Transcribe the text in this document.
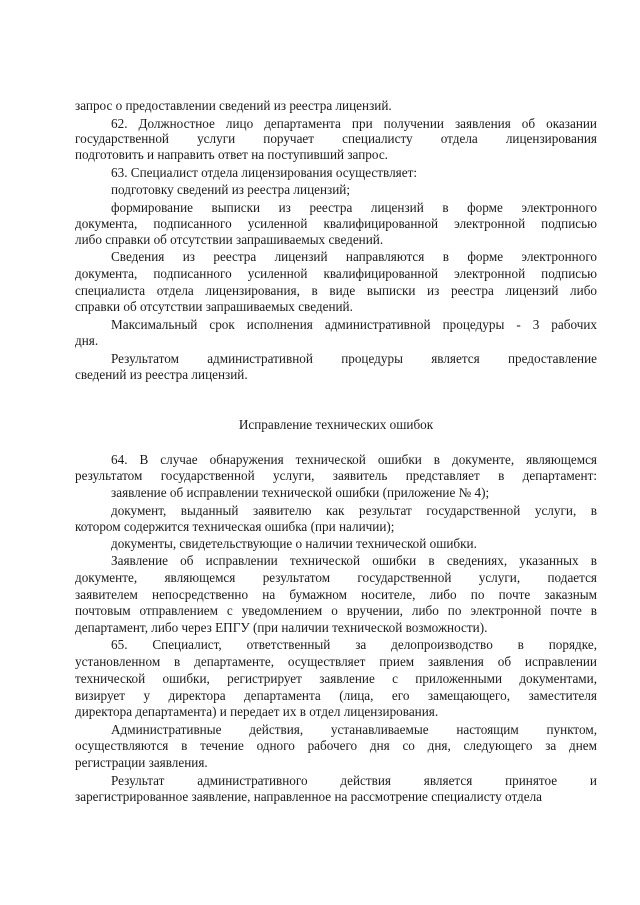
запрос о предоставлении сведений из реестра лицензий.
62. Должностное лицо департамента при получении заявления об оказании
государственной услуги поручает специалисту отдела лицензирования
подготовить и направить ответ на поступивший запрос.
63. Специалист отдела лицензирования осуществляет:
подготовку сведений из реестра лицензий;
формирование выписки из реестра лицензий в форме электронного
документа, подписанного усиленной квалифицированной электронной подписью
либо справки об отсутствии запрашиваемых сведений.
Сведения из реестра лицензий направляются в форме электронного
документа, подписанного усиленной квалифицированной электронной подписью
специалиста отдела лицензирования, в виде выписки из реестра лицензий либо
справки об отсутствии запрашиваемых сведений.
Максимальный срок исполнения административной процедуры - 3 рабочих
дня.
Результатом административной процедуры является предоставление
сведений из реестра лицензий.
Исправление технических ошибок
64. В случае обнаружения технической ошибки в документе, являющемся
результатом государственной услуги, заявитель представляет в департамент:
заявление об исправлении технической ошибки (приложение № 4);
документ, выданный заявителю как результат государственной услуги, в
котором содержится техническая ошибка (при наличии);
документы, свидетельствующие о наличии технической ошибки.
Заявление об исправлении технической ошибки в сведениях, указанных в
документе, являющемся результатом государственной услуги, подается
заявителем непосредственно на бумажном носителе, либо по почте заказным
почтовым отправлением с уведомлением о вручении, либо по электронной почте в
департамент, либо через ЕПГУ (при наличии технической возможности).
65. Специалист, ответственный за делопроизводство в порядке,
установленном в департаменте, осуществляет прием заявления об исправлении
технической ошибки, регистрирует заявление с приложенными документами,
визирует у директора департамента (лица, его замещающего, заместителя
директора департамента) и передает их в отдел лицензирования.
Административные действия, устанавливаемые настоящим пунктом,
осуществляются в течение одного рабочего дня со дня, следующего за днем
регистрации заявления.
Результат административного действия является принятое и
зарегистрированное заявление, направленное на рассмотрение специалисту отдела
